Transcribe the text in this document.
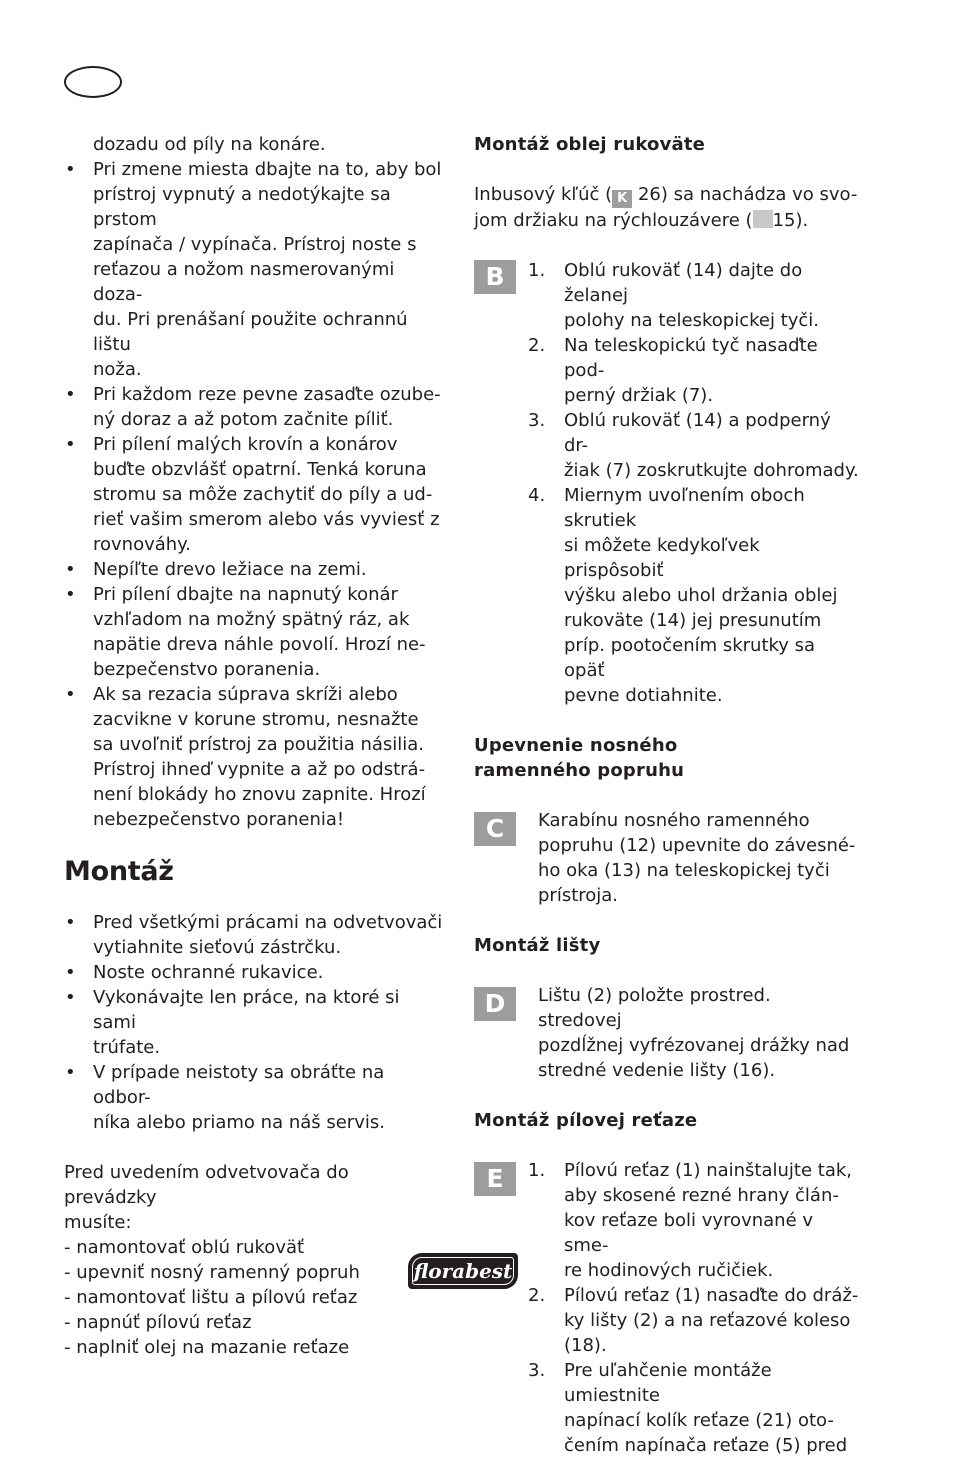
dozadu od píly na konáre.
• Pri zmene miesta dbajte na to, aby bol
prístroj vypnutý a nedotýkajte sa prstom
zapínača / vypínača. Prístroj noste s
reťazou a nožom nasmerovanými doza-
du. Pri prenášaní použite ochrannú lištu
noža.
• Pri každom reze pevne zasaďte ozube-
ný doraz a až potom začnite píliť.
• Pri pílení malých krovín a konárov
buďte obzvlášť opatrní. Tenká koruna
stromu sa môže zachytiť do píly a ud-
rieť vašim smerom alebo vás vyviesť z
rovnováhy.
• Nepíľte drevo ležiace na zemi.
• Pri pílení dbajte na napnutý konár
vzhľadom na možný spätný ráz, ak
napätie dreva náhle povolí. Hrozí ne-
bezpečenstvo poranenia.
• Ak sa rezacia súprava skríži alebo
zacvikne v korune stromu, nesnažte
sa uvoľniť prístroj za použitia násilia.
Prístroj ihneď vypnite a až po odstrá-
není blokády ho znovu zapnite. Hrozí
nebezpečenstvo poranenia!
Montáž
• Pred všetkými prácami na odvetvovači
vytiahnite sieťovú zástrčku.
• Noste ochranné rukavice.
• Vykonávajte len práce, na ktoré si sami
trúfate.
• V prípade neistoty sa obráťte na odbor-
níka alebo priamo na náš servis.
Pred uvedením odvetvovača do prevádzky
musíte:
- namontovať oblú rukoväť
- upevniť nosný ramenný popruh
- namontovať lištu a pílovú reťaz
- napnúť pílovú reťaz
- naplniť olej na mazanie reťaze
Montáž oblej rukoväte
Inbusový kľúč ( K 26) sa nachádza vo svo-
jom držiaku na rýchlouzávere ( 15).
B	1. Oblú rukoväť (14) dajte do želanej
polohy na teleskopickej tyči.
2. Na teleskopickú tyč nasaďte pod-
perný držiak (7).
3. Oblú rukoväť (14) a podperný dr-
žiak (7) zoskrutkujte dohromady.
4. Miernym uvoľnením oboch skrutiek
si môžete kedykoľvek prispôsobiť
výšku alebo uhol držania oblej
rukoväte (14) jej presunutím
príp. pootočením skrutky sa opäť
pevne dotiahnite.
Upevnenie nosného
ramenného popruhu
C	Karabínu nosného ramenného
popruhu (12) upevnite do závesné-
ho oka (13) na teleskopickej tyči
prístroja.
Montáž lišty
D	Lištu (2) položte prostred. stredovej
pozdĺžnej vyfrézovanej drážky nad
stredné vedenie lišty (16).
Montáž pílovej reťaze
E	1. Pílovú reťaz (1) nainštalujte tak,
aby skosené rezné hrany člán-
kov reťaze boli vyrovnané v sme-
re hodinových ručičiek.
2. Pílovú reťaz (1) nasaďte do dráž-
ky lišty (2) a na reťazové koleso
(18).
3. Pre uľahčenie montáže umiestnite
napínací kolík reťaze (21) oto-
čením napínača reťaze (5) pred
florabest
